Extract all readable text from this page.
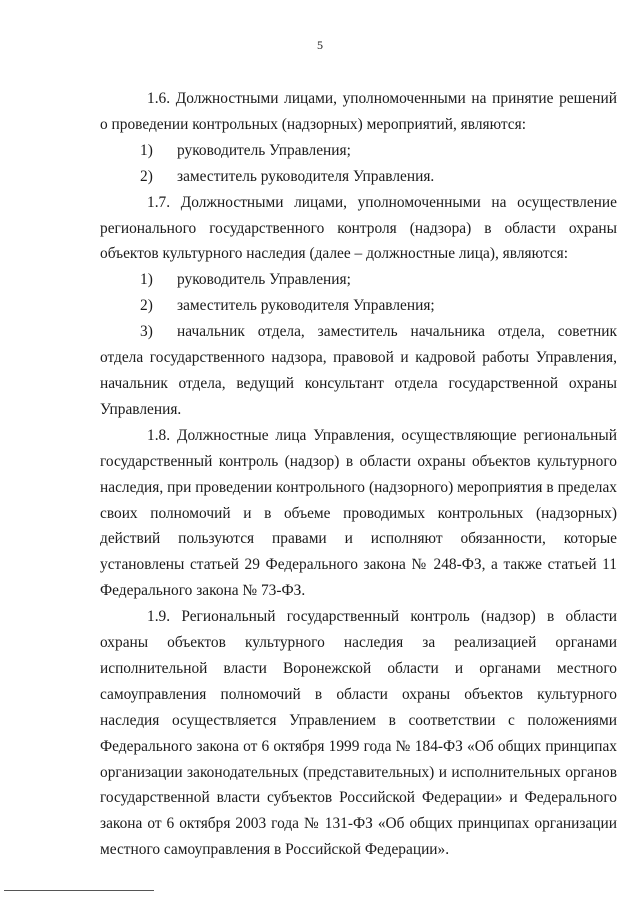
5

1.6. Должностными лицами, уполномоченными на принятие решений о проведении контрольных (надзорных) мероприятий, являются:

1) руководитель Управления;
2) заместитель руководителя Управления.

1.7. Должностными лицами, уполномоченными на осуществление регионального государственного контроля (надзора) в области охраны объектов культурного наследия (далее – должностные лица), являются:

1) руководитель Управления;
2) заместитель руководителя Управления;
3) начальник отдела, заместитель начальника отдела, советник отдела государственного надзора, правовой и кадровой работы Управления, начальник отдела, ведущий консультант отдела государственной охраны Управления.

1.8. Должностные лица Управления, осуществляющие региональный государственный контроль (надзор) в области охраны объектов культурного наследия, при проведении контрольного (надзорного) мероприятия в пределах своих полномочий и в объеме проводимых контрольных (надзорных) действий пользуются правами и исполняют обязанности, которые установлены статьей 29 Федерального закона № 248-ФЗ, а также статьей 11 Федерального закона № 73-ФЗ.

1.9. Региональный государственный контроль (надзор) в области охраны объектов культурного наследия за реализацией органами исполнительной власти Воронежской области и органами местного самоуправления полномочий в области охраны объектов культурного наследия осуществляется Управлением в соответствии с положениями Федерального закона от 6 октября 1999 года № 184-ФЗ «Об общих принципах организации законодательных (представительных) и исполнительных органов государственной власти субъектов Российской Федерации» и Федерального закона от 6 октября 2003 года № 131-ФЗ «Об общих принципах организации местного самоуправления в Российской Федерации».
